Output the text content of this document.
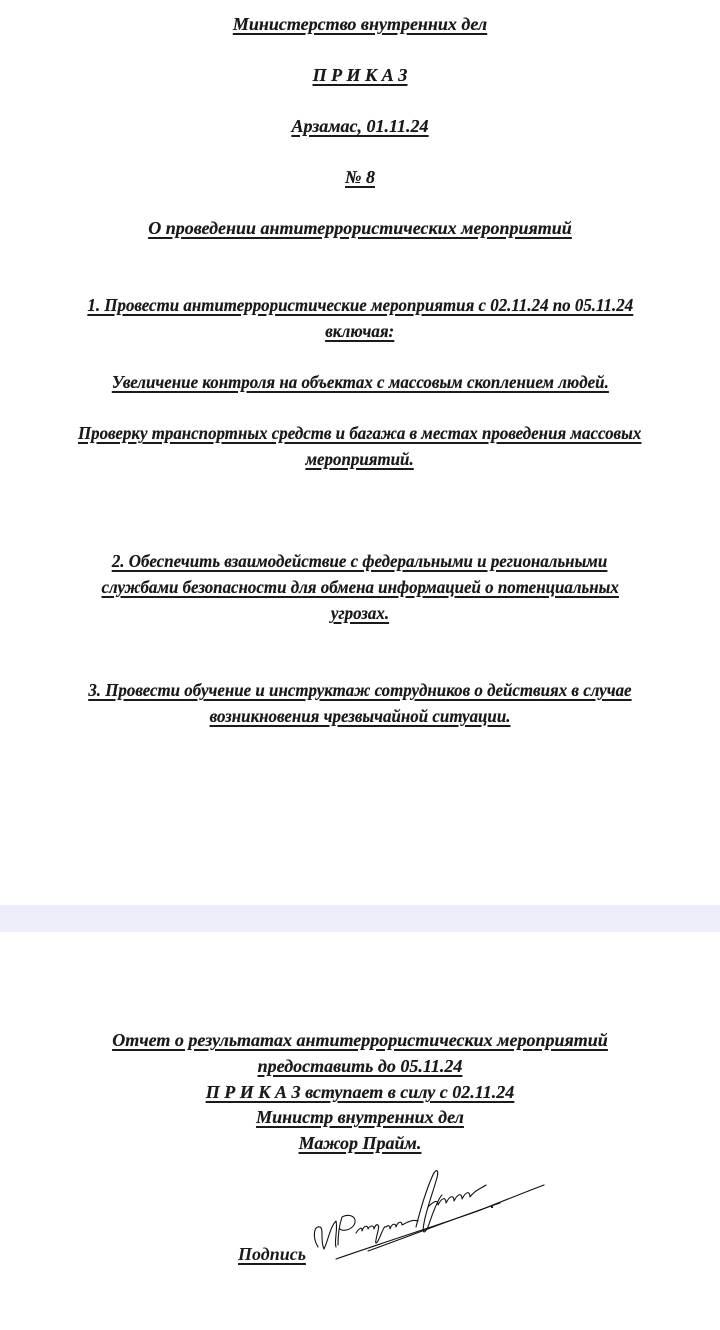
Министерство внутренних дел
П Р И К А З
Арзамас, 01.11.24
№ 8
О проведении антитеррористических мероприятий
1. Провести антитеррористические мероприятия с 02.11.24 по 05.11.24
включая:
Увеличение контроля на объектах с массовым скоплением людей.
Проверку транспортных средств и багажа в местах проведения массовых
мероприятий.
2. Обеспечить взаимодействие с федеральными и региональными
службами безопасности для обмена информацией о потенциальных
угрозах.
3. Провести обучение и инструктаж сотрудников о действиях в случае
возникновения чрезвычайной ситуации.
Отчет о результатах антитеррористических мероприятий
предоставить до 05.11.24
П Р И К А З вступает в силу с 02.11.24
Министр внутренних дел
Мажор Прайм.
Подпись
